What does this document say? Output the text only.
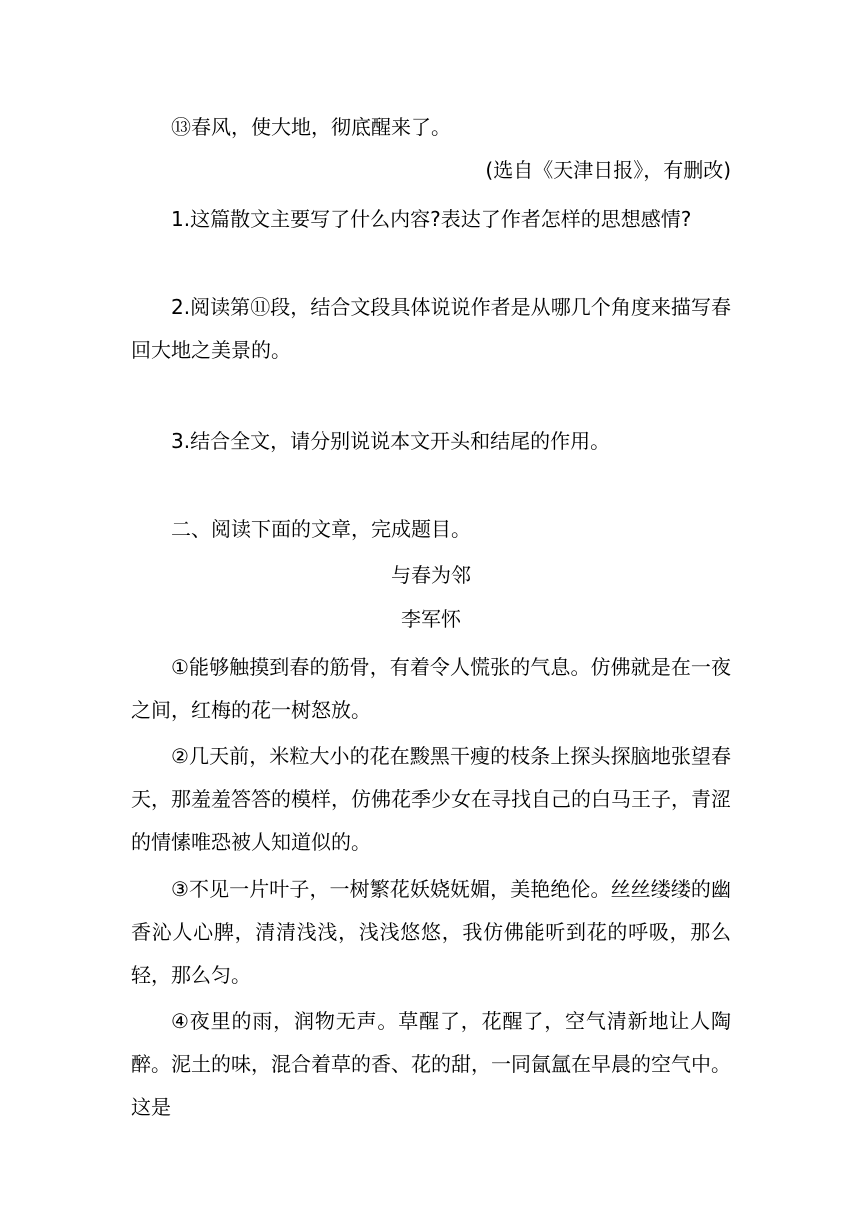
⑬春风，使大地，彻底醒来了。

(选自《天津日报》，有删改)

1.这篇散文主要写了什么内容?表达了作者怎样的思想感情?

2.阅读第⑪段，结合文段具体说说作者是从哪几个角度来描写春回大地之美景的。

3.结合全文，请分别说说本文开头和结尾的作用。

二、阅读下面的文章，完成题目。

与春为邻

李军怀

①能够触摸到春的筋骨，有着令人慌张的气息。仿佛就是在一夜之间，红梅的花一树怒放。

②几天前，米粒大小的花在黢黑干瘦的枝条上探头探脑地张望春天，那羞羞答答的模样，仿佛花季少女在寻找自己的白马王子，青涩的情愫唯恐被人知道似的。

③不见一片叶子，一树繁花妖娆妩媚，美艳绝伦。丝丝缕缕的幽香沁人心脾，清清浅浅，浅浅悠悠，我仿佛能听到花的呼吸，那么轻，那么匀。

④夜里的雨，润物无声。草醒了，花醒了，空气清新地让人陶醉。泥土的味，混合着草的香、花的甜，一同氤氲在早晨的空气中。这是
